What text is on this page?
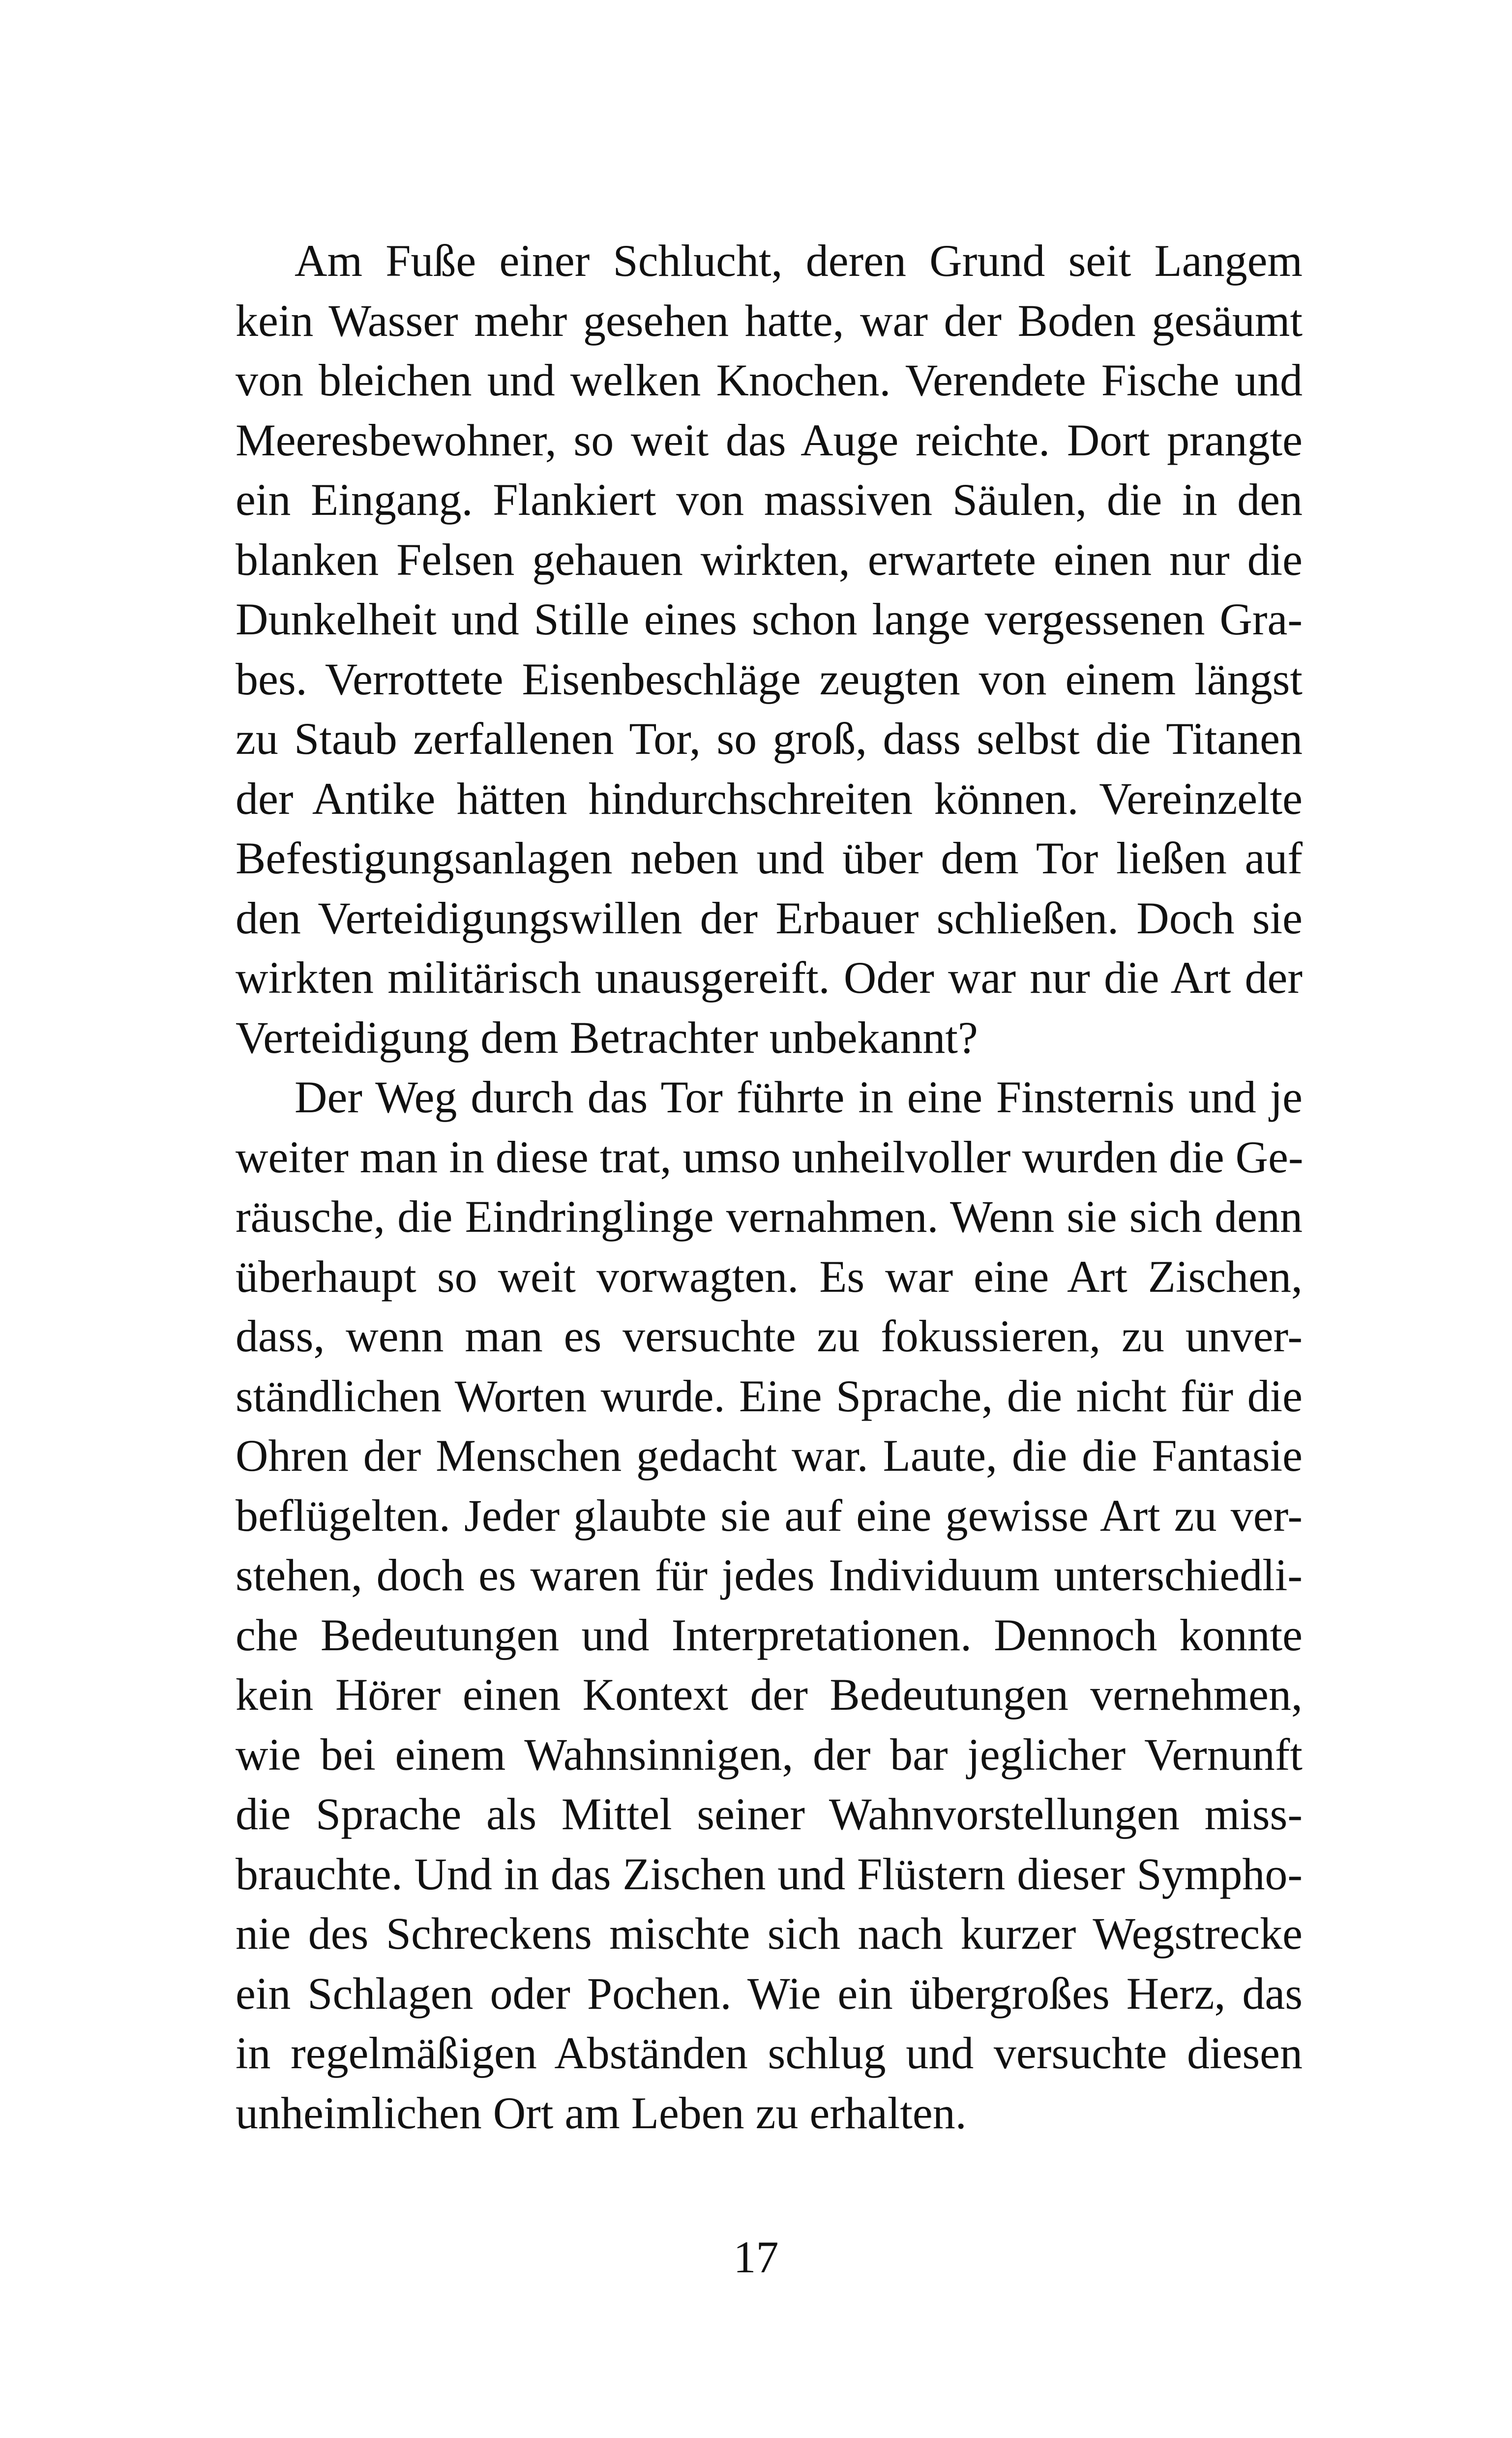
Am Fuße einer Schlucht, deren Grund seit Langem
kein Wasser mehr gesehen hatte, war der Boden gesäumt
von bleichen und welken Knochen. Verendete Fische und
Meeresbewohner, so weit das Auge reichte. Dort prangte
ein Eingang. Flankiert von massiven Säulen, die in den
blanken Felsen gehauen wirkten, erwartete einen nur die
Dunkelheit und Stille eines schon lange vergessenen Gra-
bes. Verrottete Eisenbeschläge zeugten von einem längst
zu Staub zerfallenen Tor, so groß, dass selbst die Titanen
der Antike hätten hindurchschreiten können. Vereinzelte
Befestigungsanlagen neben und über dem Tor ließen auf
den Verteidigungswillen der Erbauer schließen. Doch sie
wirkten militärisch unausgereift. Oder war nur die Art der
Verteidigung dem Betrachter unbekannt?
Der Weg durch das Tor führte in eine Finsternis und je
weiter man in diese trat, umso unheilvoller wurden die Ge-
räusche, die Eindringlinge vernahmen. Wenn sie sich denn
überhaupt so weit vorwagten. Es war eine Art Zischen,
dass, wenn man es versuchte zu fokussieren, zu unver-
ständlichen Worten wurde. Eine Sprache, die nicht für die
Ohren der Menschen gedacht war. Laute, die die Fantasie
beflügelten. Jeder glaubte sie auf eine gewisse Art zu ver-
stehen, doch es waren für jedes Individuum unterschiedli-
che Bedeutungen und Interpretationen. Dennoch konnte
kein Hörer einen Kontext der Bedeutungen vernehmen,
wie bei einem Wahnsinnigen, der bar jeglicher Vernunft
die Sprache als Mittel seiner Wahnvorstellungen miss-
brauchte. Und in das Zischen und Flüstern dieser Sympho-
nie des Schreckens mischte sich nach kurzer Wegstrecke
ein Schlagen oder Pochen. Wie ein übergroßes Herz, das
in regelmäßigen Abständen schlug und versuchte diesen
unheimlichen Ort am Leben zu erhalten.
17
